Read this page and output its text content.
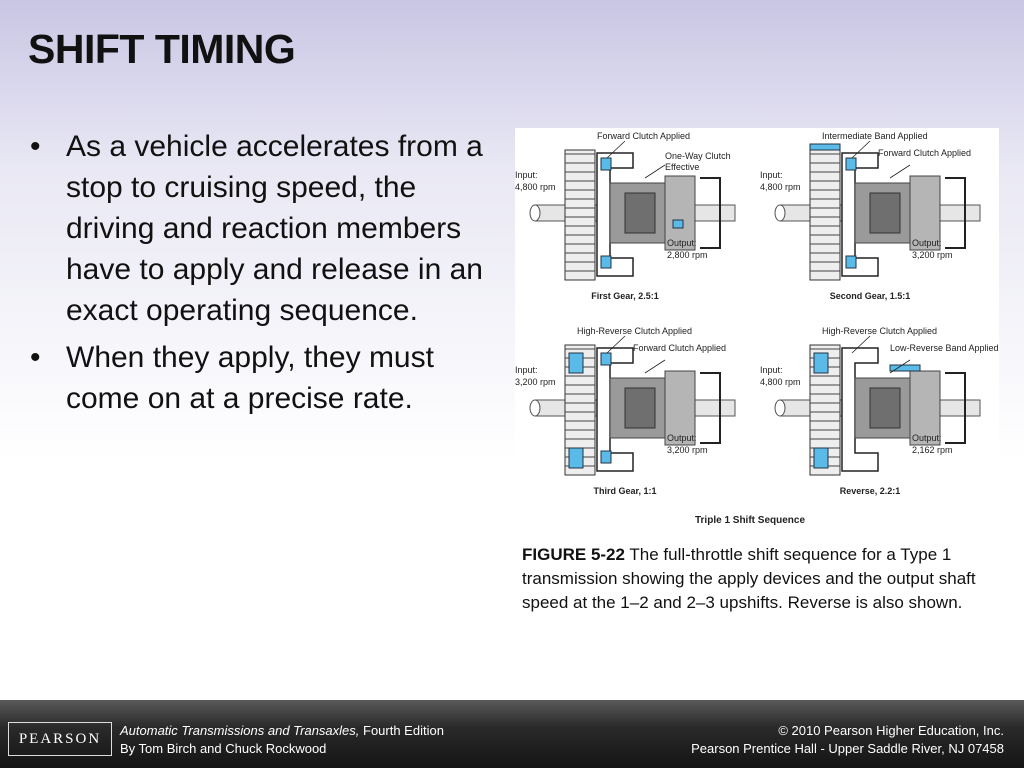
SHIFT TIMING
• As a vehicle accelerates from a stop to cruising speed, the driving and reaction members have to apply and release in an exact operating sequence.
• When they apply, they must come on at a precise rate.
Forward Clutch Applied
One-Way Clutch Effective
Input:
4,800 rpm
Output:
2,800 rpm
First Gear, 2.5:1
Intermediate Band Applied
Forward Clutch Applied
Input:
4,800 rpm
Output:
3,200 rpm
Second Gear, 1.5:1
High-Reverse Clutch Applied
Forward Clutch Applied
Input:
3,200 rpm
Output:
3,200 rpm
Third Gear, 1:1
High-Reverse Clutch Applied
Low-Reverse Band Applied
Input:
4,800 rpm
Output:
2,162 rpm
Reverse, 2.2:1
Triple 1 Shift Sequence

FIGURE 5-22 The full-throttle shift sequence for a Type 1 transmission showing the apply devices and the output shaft speed at the 1–2 and 2–3 upshifts. Reverse is also shown.

PEARSON	Automatic Transmissions and Transaxles, Fourth Edition
By Tom Birch and Chuck Rockwood
© 2010 Pearson Higher Education, Inc.
Pearson Prentice Hall - Upper Saddle River, NJ 07458
